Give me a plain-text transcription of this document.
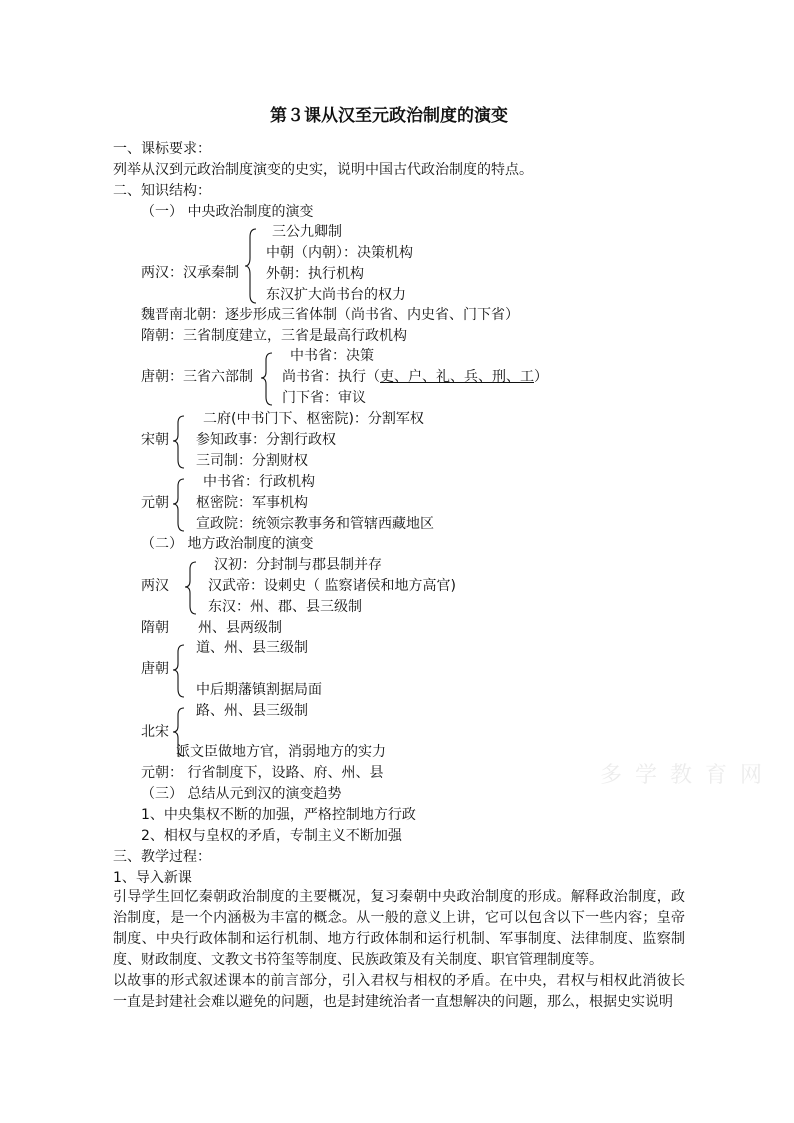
多 学 教 育 网
第３课从汉至元政治制度的演变
一、课标要求：
列举从汉到元政治制度演变的史实，说明中国古代政治制度的特点。
二、知识结构：
（一） 中央政治制度的演变
三公九卿制
中朝（内朝）：决策机构
两汉：汉承秦制 外朝：执行机构
东汉扩大尚书台的权力
魏晋南北朝：逐步形成三省体制（尚书省、内史省、门下省）
隋朝：三省制度建立，三省是最高行政机构
中书省：决策
唐朝：三省六部制 尚书省：执行（吏、户、礼、兵、刑、工）
门下省：审议
二府(中书门下、枢密院)：分割军权
宋朝 参知政事：分割行政权
三司制：分割财权
中书省：行政机构
元朝 枢密院：军事机构
宣政院：统领宗教事务和管辖西藏地区
（二） 地方政治制度的演变
汉初：分封制与郡县制并存
两汉	汉武帝：设刺史（ 监察诸侯和地方高官)
东汉：州、郡、县三级制
隋朝 州、县两级制
道、州、县三级制
唐朝
中后期藩镇割据局面
路、州、县三级制
北宋
派文臣做地方官，消弱地方的实力
元朝： 行省制度下，设路、府、州、县
（三） 总结从元到汉的演变趋势
1、中央集权不断的加强，严格控制地方行政
2、相权与皇权的矛盾，专制主义不断加强
三、教学过程：
1、导入新课
引导学生回忆秦朝政治制度的主要概况，复习秦朝中央政治制度的形成。解释政治制度，政治制度，是一个内涵极为丰富的概念。从一般的意义上讲，它可以包含以下一些内容；皇帝制度、中央行政体制和运行机制、地方行政体制和运行机制、军事制度、法律制度、监察制度、财政制度、文教文书符玺等制度、民族政策及有关制度、职官管理制度等。
以故事的形式叙述课本的前言部分，引入君权与相权的矛盾。在中央，君权与相权此消彼长一直是封建社会难以避免的问题，也是封建统治者一直想解决的问题，那么，根据史实说明
